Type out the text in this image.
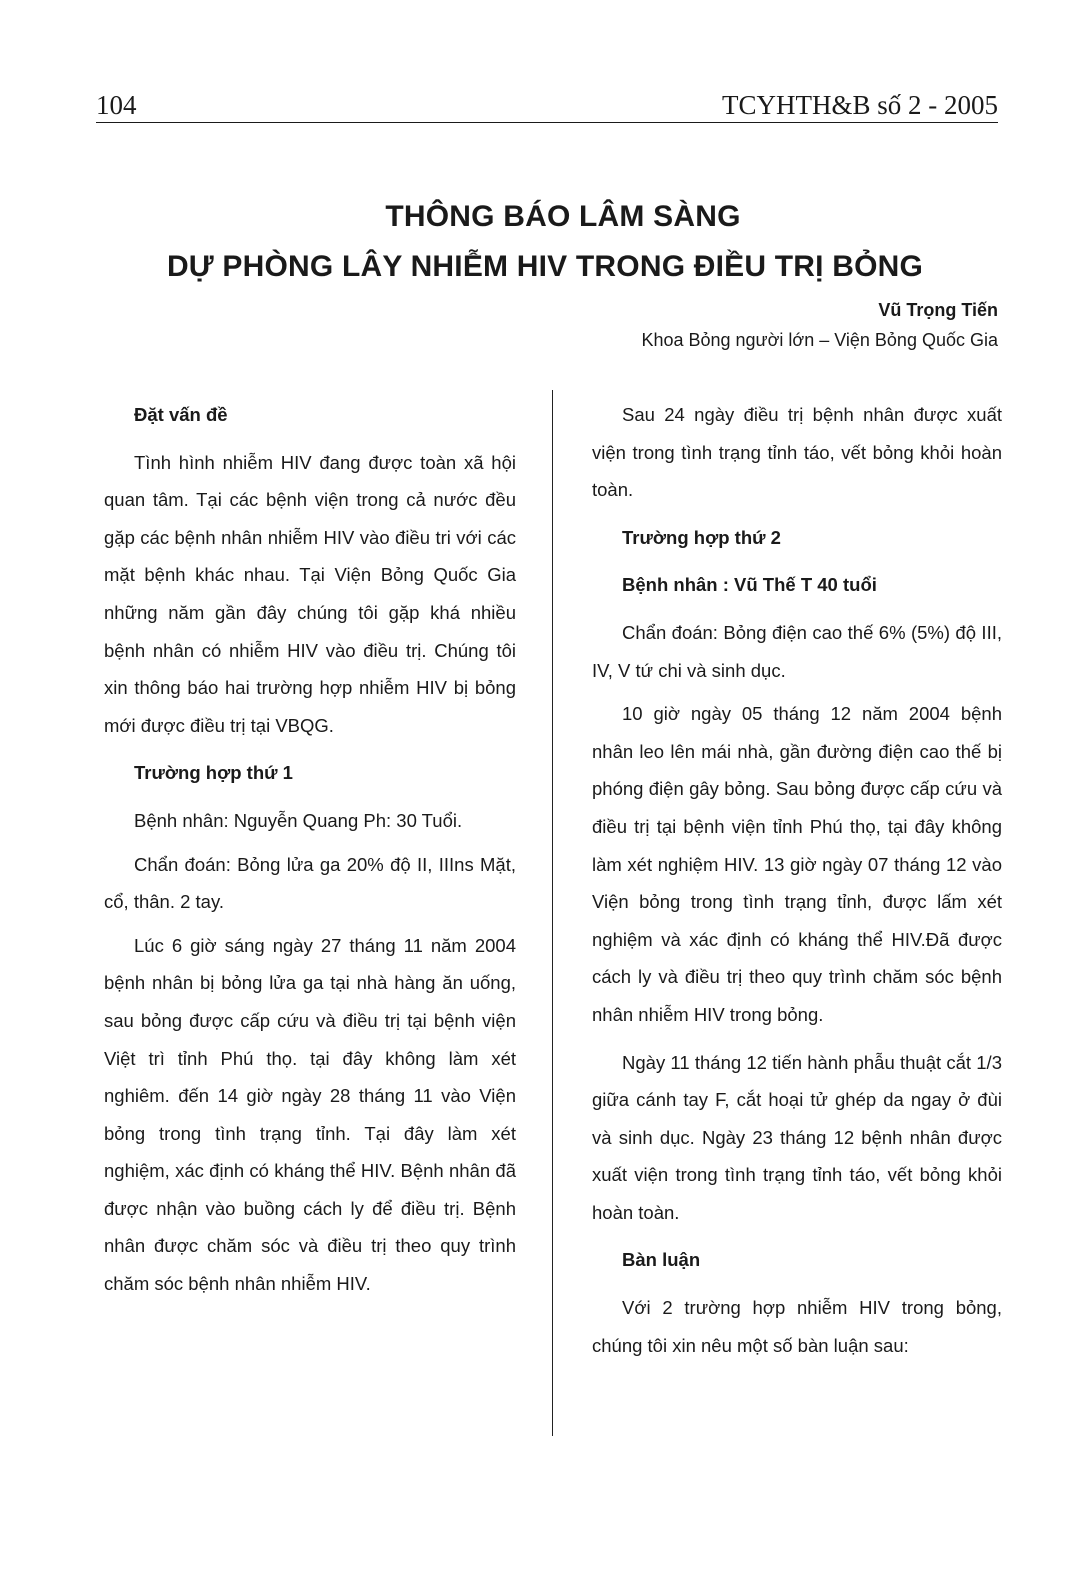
104	TCYHTH&B số 2 - 2005
THÔNG BÁO LÂM SÀNG
DỰ PHÒNG LÂY NHIỄM HIV TRONG ĐIỀU TRỊ BỎNG
Vũ Trọng Tiến
Khoa Bỏng người lớn – Viện Bỏng Quốc Gia
Đặt vấn đề

Tình hình nhiễm HIV đang được toàn xã hội quan tâm. Tại các bệnh viện trong cả nước đều gặp các bệnh nhân nhiễm HIV vào điều tri với các mặt bệnh khác nhau. Tại Viện Bỏng Quốc Gia những năm gần đây chúng tôi gặp khá nhiều bệnh nhân có nhiễm HIV vào điều trị. Chúng tôi xin thông báo hai trường hợp nhiễm HIV bị bỏng mới được điều trị tại VBQG.

Trường hợp thứ 1

Bệnh nhân: Nguyễn Quang Ph: 30 Tuổi.

Chẩn đoán: Bỏng lửa ga 20% độ II, IIIns Mặt, cổ, thân. 2 tay.

Lúc 6 giờ sáng ngày 27 tháng 11 năm 2004 bệnh nhân bị bỏng lửa ga tại nhà hàng ăn uống, sau bỏng được cấp cứu và điều trị tại bệnh viện Việt trì tỉnh Phú thọ. tại đây không làm xét nghiêm. đến 14 giờ ngày 28 tháng 11 vào Viện bỏng trong tình trạng tỉnh. Tại đây làm xét nghiệm, xác định có kháng thể HIV. Bệnh nhân đã được nhận vào buồng cách ly để điều trị. Bệnh nhân được chăm sóc và điều trị theo quy trình chăm sóc bệnh nhân nhiễm HIV.

Sau 24 ngày điều trị bệnh nhân được xuất viện trong tình trạng tỉnh táo, vết bỏng khỏi hoàn toàn.

Trường hợp thứ 2
Bệnh nhân : Vũ Thế T 40 tuổi

Chẩn đoán: Bỏng điện cao thế 6% (5%) độ III, IV, V tứ chi và sinh dục.

10 giờ ngày 05 tháng 12 năm 2004 bệnh nhân leo lên mái nhà, gần đường điện cao thế bị phóng điện gây bỏng. Sau bỏng được cấp cứu và điều trị tại bệnh viện tỉnh Phú thọ, tại đây không làm xét nghiệm HIV. 13 giờ ngày 07 tháng 12 vào Viện bỏng trong tình trạng tỉnh, được lấm xét nghiệm và xác định có kháng thể HIV.Đã được cách ly và điều trị theo quy trình chăm sóc bệnh nhân nhiễm HIV trong bỏng.

Ngày 11 tháng 12 tiến hành phẫu thuật cắt 1/3 giữa cánh tay F, cắt hoại tử ghép da ngay ở đùi và sinh dục. Ngày 23 tháng 12 bệnh nhân được xuất viện trong tình trạng tỉnh táo, vết bỏng khỏi hoàn toàn.

Bàn luận

Với 2 trường hợp nhiễm HIV trong bỏng, chúng tôi xin nêu một số bàn luận sau:
